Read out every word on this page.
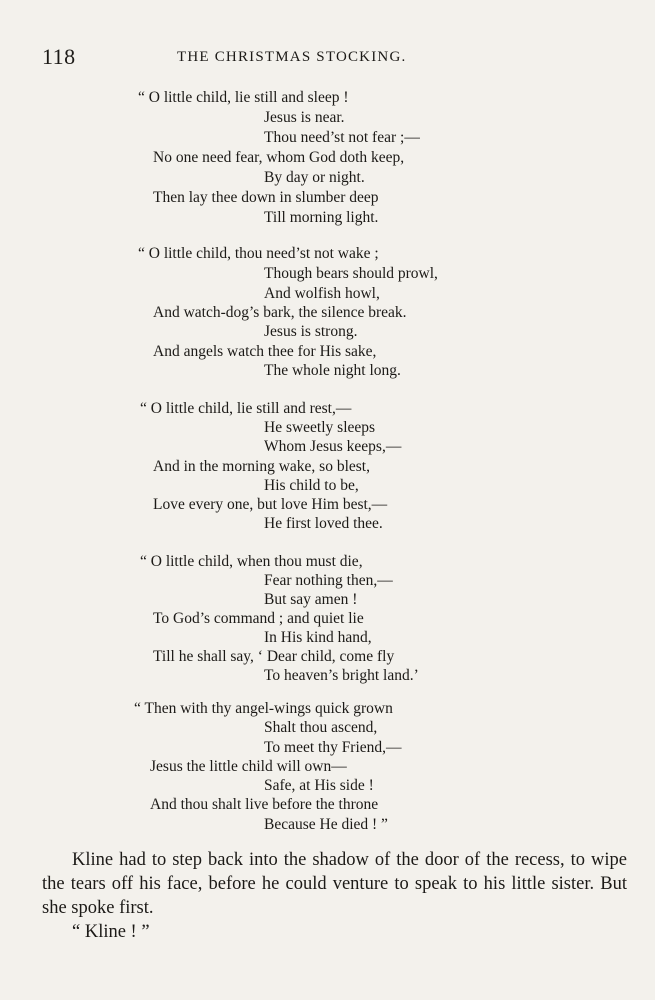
118	THE CHRISTMAS STOCKING.
“ O little child, lie still and sleep !
Jesus is near.
Thou need’st not fear ;—
No one need fear, whom God doth keep,
By day or night.
Then lay thee down in slumber deep
Till morning light.
“ O little child, thou need’st not wake ;
Though bears should prowl,
And wolfish howl,
And watch-dog’s bark, the silence break.
Jesus is strong.
And angels watch thee for His sake,
The whole night long.
“ O little child, lie still and rest,—
He sweetly sleeps
Whom Jesus keeps,—
And in the morning wake, so blest,
His child to be,
Love every one, but love Him best,—
He first loved thee.
“ O little child, when thou must die,
Fear nothing then,—
But say amen !
To God’s command ; and quiet lie
In His kind hand,
Till he shall say, ‘ Dear child, come fly
To heaven’s bright land.’
“ Then with thy angel-wings quick grown
Shalt thou ascend,
To meet thy Friend,—
Jesus the little child will own—
Safe, at His side !
And thou shalt live before the throne
Because He died ! ”

Kline had to step back into the shadow of the door of the recess, to wipe the tears off his face, before he could venture to speak to his little sister. But she spoke first.

“ Kline ! ”
